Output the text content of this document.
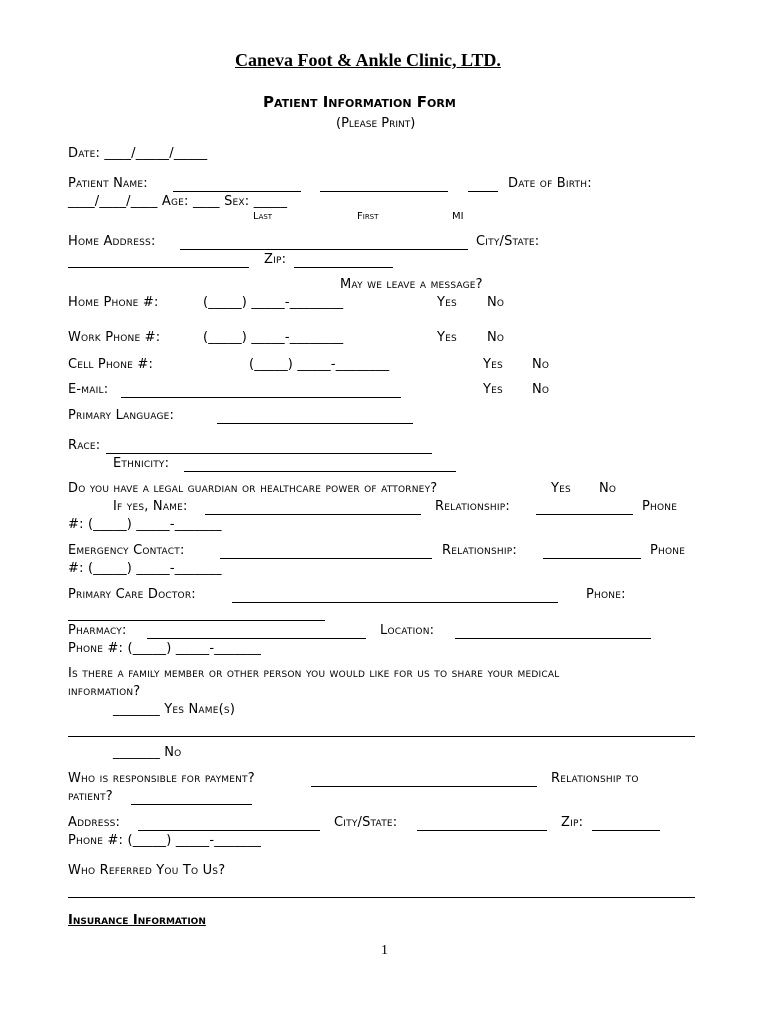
Caneva Foot & Ankle Clinic, LTD.
Patient Information Form
(Please Print)
Date: ____/_____/_____
Patient Name:	Date of Birth:
____/____/____ Age: ____ Sex: _____
Last	First	MI
Home Address:	City/State:
Zip:
May we leave a message?
Home Phone #:	(_____) _____-________	Yes No
Work Phone #:	(_____) _____-________	Yes No
Cell Phone #:	(_____) _____-________	Yes No
E-mail:	Yes No
Primary Language:
Race:
Ethnicity:
Do you have a legal guardian or healthcare power of attorney?	Yes No
If yes, Name:	Relationship:	Phone
#: (_____) _____-_______
Emergency Contact:	Relationship:	Phone
#: (_____) _____-_______
Primary Care Doctor:	Phone:
Pharmacy:	Location:
Phone #: (_____) _____-_______
Is there a family member or other person you would like for us to share your medical
information?
_______ Yes Name(s)
_______ No
Who is responsible for payment?	Relationship to
patient?
Address:	City/State:	Zip:
Phone #: (_____) _____-_______
Who Referred You To Us?
Insurance Information
1
